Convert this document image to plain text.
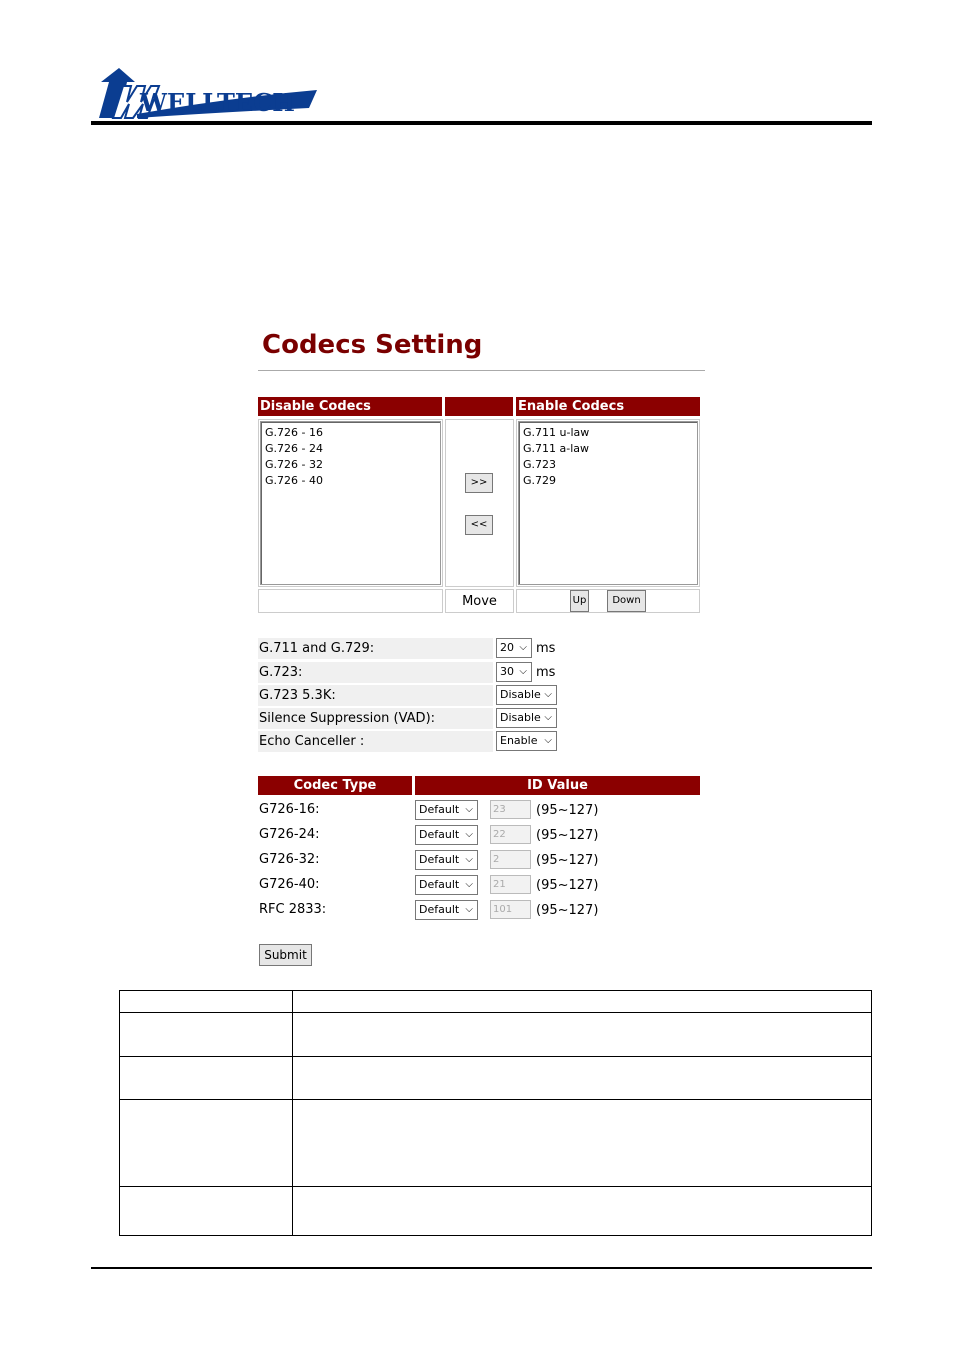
WELLTECH
Codecs Setting
Disable Codecs	Enable Codecs
G.726 - 16
G.726 - 24
G.726 - 32
G.726 - 40	>>
<<
G.711 u-law
G.711 a-law
G.723
G.729
Move	Up	Down
G.711 and G.729:	20 ⌵ ms
G.723:	30 ⌵ ms
G.723 5.3K:	Disable ⌵
Silence Suppression (VAD):	Disable ⌵
Echo Canceller :	Enable ⌵
Codec Type	ID Value
G726-16:	Default ⌵	23	(95~127)
G726-24:	Default ⌵	22	(95~127)
G726-32:	Default ⌵	2	(95~127)
G726-40:	Default ⌵	21	(95~127)
RFC 2833:	Default ⌵	101	(95~127)
Submit
